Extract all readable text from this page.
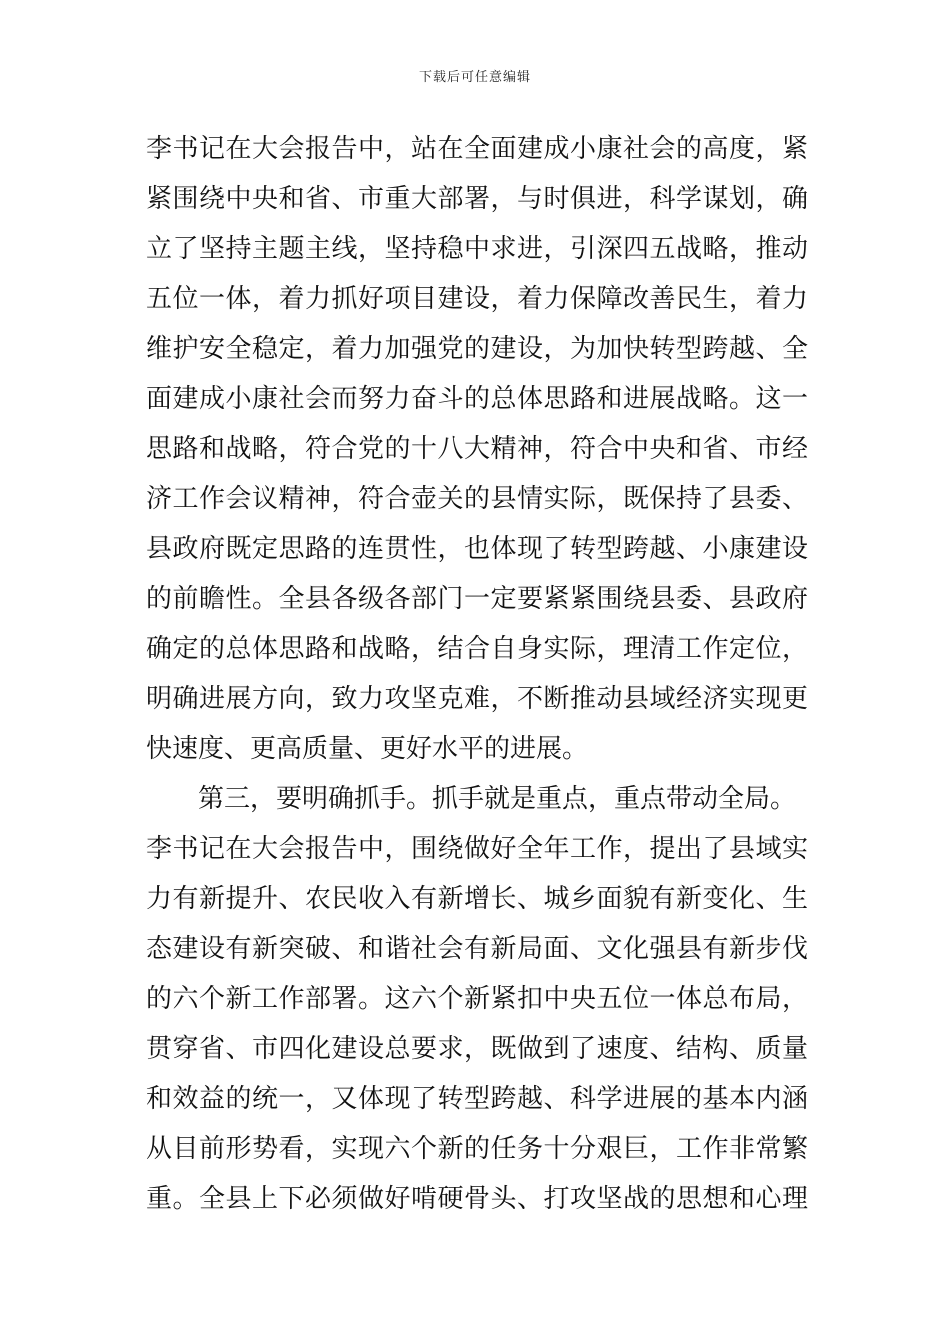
下载后可任意编辑
李书记在大会报告中，站在全面建成小康社会的高度，紧
紧围绕中央和省、市重大部署，与时俱进，科学谋划，确
立了坚持主题主线，坚持稳中求进，引深四五战略，推动
五位一体，着力抓好项目建设，着力保障改善民生，着力
维护安全稳定，着力加强党的建设，为加快转型跨越、全
面建成小康社会而努力奋斗的总体思路和进展战略。这一
思路和战略，符合党的十八大精神，符合中央和省、市经
济工作会议精神，符合壶关的县情实际，既保持了县委、
县政府既定思路的连贯性，也体现了转型跨越、小康建设
的前瞻性。全县各级各部门一定要紧紧围绕县委、县政府
确定的总体思路和战略，结合自身实际，理清工作定位，
明确进展方向，致力攻坚克难，不断推动县域经济实现更
快速度、更高质量、更好水平的进展。
第三，要明确抓手。抓手就是重点，重点带动全局。
李书记在大会报告中，围绕做好全年工作，提出了县域实
力有新提升、农民收入有新增长、城乡面貌有新变化、生
态建设有新突破、和谐社会有新局面、文化强县有新步伐
的六个新工作部署。这六个新紧扣中央五位一体总布局，
贯穿省、市四化建设总要求，既做到了速度、结构、质量
和效益的统一，又体现了转型跨越、科学进展的基本内涵
从目前形势看，实现六个新的任务十分艰巨，工作非常繁
重。全县上下必须做好啃硬骨头、打攻坚战的思想和心理
